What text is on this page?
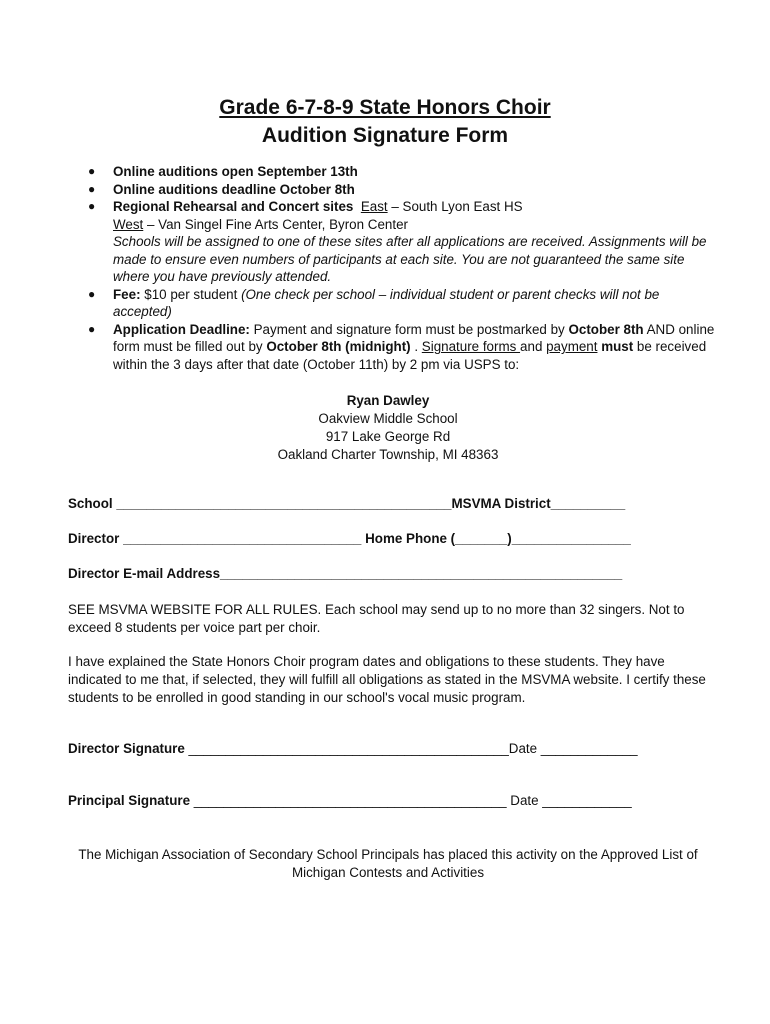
Grade 6-7-8-9 State Honors Choir
Audition Signature Form
● Online auditions open September 13th
● Online auditions deadline October 8th
● Regional Rehearsal and Concert sites East – South Lyon East HS
West – Van Singel Fine Arts Center, Byron Center
Schools will be assigned to one of these sites after all applications are received. Assignments will be made to ensure even numbers of participants at each site. You are not guaranteed the same site where you have previously attended.
● Fee: $10 per student (One check per school – individual student or parent checks will not be accepted)
● Application Deadline: Payment and signature form must be postmarked by October 8th AND online form must be filled out by October 8th (midnight) . Signature forms and payment must be received within the 3 days after that date (October 11th) by 2 pm via USPS to:
Ryan Dawley
Oakview Middle School
917 Lake George Rd
Oakland Charter Township, MI 48363
School _____________________________________________MSVMA District__________
Director ________________________________ Home Phone (_______)________________
Director E-mail Address______________________________________________________
SEE MSVMA WEBSITE FOR ALL RULES. Each school may send up to no more than 32 singers. Not to exceed 8 students per voice part per choir.
I have explained the State Honors Choir program dates and obligations to these students. They have indicated to me that, if selected, they will fulfill all obligations as stated in the MSVMA website. I certify these students to be enrolled in good standing in our school's vocal music program.
Director Signature ___________________________________________Date _____________
Principal Signature __________________________________________ Date ____________
The Michigan Association of Secondary School Principals has placed this activity on the Approved List of Michigan Contests and Activities
